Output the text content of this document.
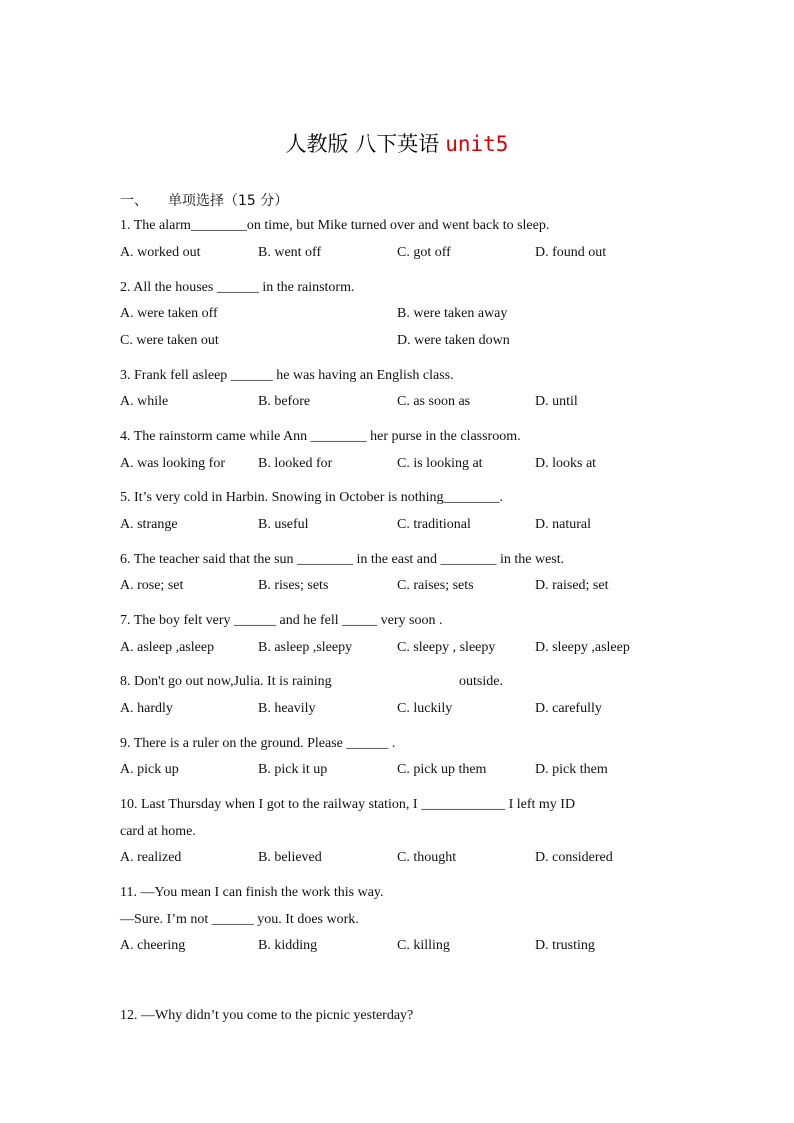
人教版 八下英语 unit5
一、 单项选择（15 分）
1. The alarm________on time, but Mike turned over and went back to sleep.
A. worked out	B. went off	C. got off	D. found out
2. All the houses ______ in the rainstorm.
A. were taken off	B. were taken away
C. were taken out	D. were taken down
3. Frank fell asleep ______ he was having an English class.
A. while	B. before	C. as soon as	D. until
4. The rainstorm came while Ann ________ her purse in the classroom.
A. was looking for B. looked for	C. is looking at	D. looks at
5. It’s very cold in Harbin. Snowing in October is nothing________.
A. strange	B. useful	C. traditional	D. natural
6. The teacher said that the sun ________ in the east and ________ in the west.
A. rose; set	B. rises; sets	C. raises; sets	D. raised; set
7. The boy felt very ______ and he fell _____ very soon .
A. asleep ,asleep	B. asleep ,sleepy	C. sleepy , sleepy	D. sleepy ,asleep
8. Don't go out now,Julia. It is raining	outside.
A. hardly	B. heavily	C. luckily	D. carefully
9. There is a ruler on the ground. Please ______ .
A. pick up	B. pick it up	C. pick up them	D. pick them
10. Last Thursday when I got to the railway station, I ____________ I left my ID
card at home.
A. realized	B. believed	C. thought	D. considered
11. —You mean I can finish the work this way.
—Sure. I’m not ______ you. It does work.
A. cheering	B. kidding	C. killing	D. trusting
12. —Why didn’t you come to the picnic yesterday?
